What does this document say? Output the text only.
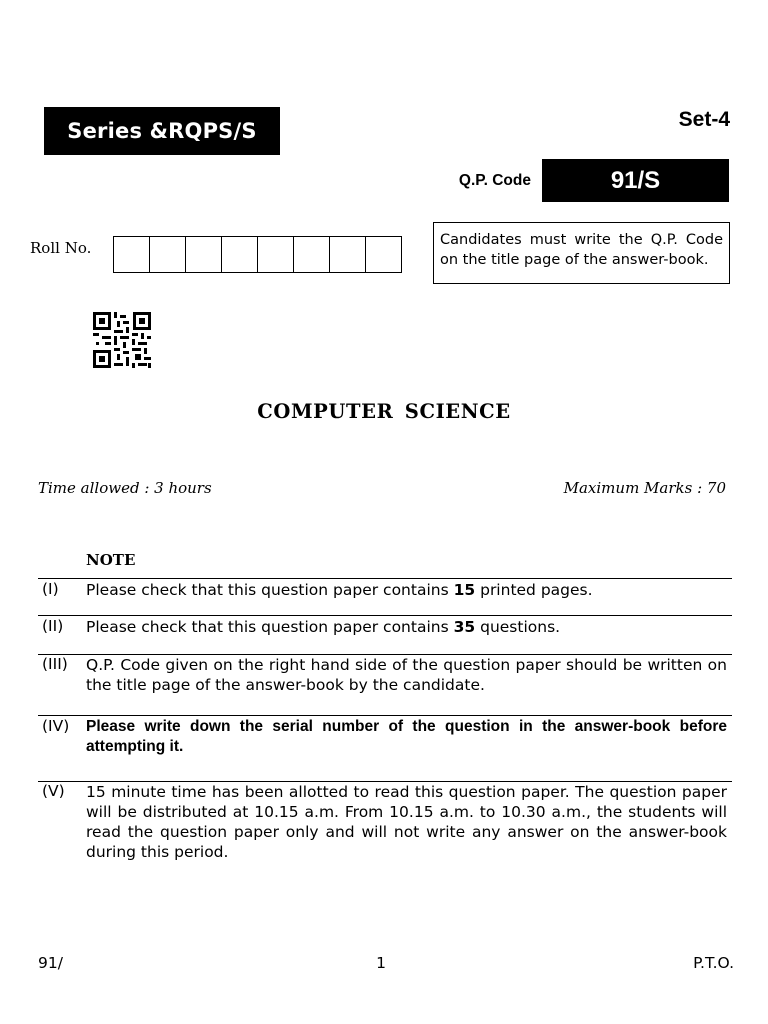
Series &RQPS/S	Set-4
Q.P. Code	91/S
Roll No.	Candidates must write the Q.P. Code on the title page of the answer-book.
COMPUTER SCIENCE
Time allowed : 3 hours	Maximum Marks : 70
NOTE
(I) Please check that this question paper contains 15 printed pages.
(II) Please check that this question paper contains 35 questions.
(III) Q.P. Code given on the right hand side of the question paper should be written on the title page of the answer-book by the candidate.
(IV) Please write down the serial number of the question in the answer-book before attempting it.
(V) 15 minute time has been allotted to read this question paper. The question paper will be distributed at 10.15 a.m. From 10.15 a.m. to 10.30 a.m., the students will read the question paper only and will not write any answer on the answer-book during this period.
91/	1	P.T.O.
